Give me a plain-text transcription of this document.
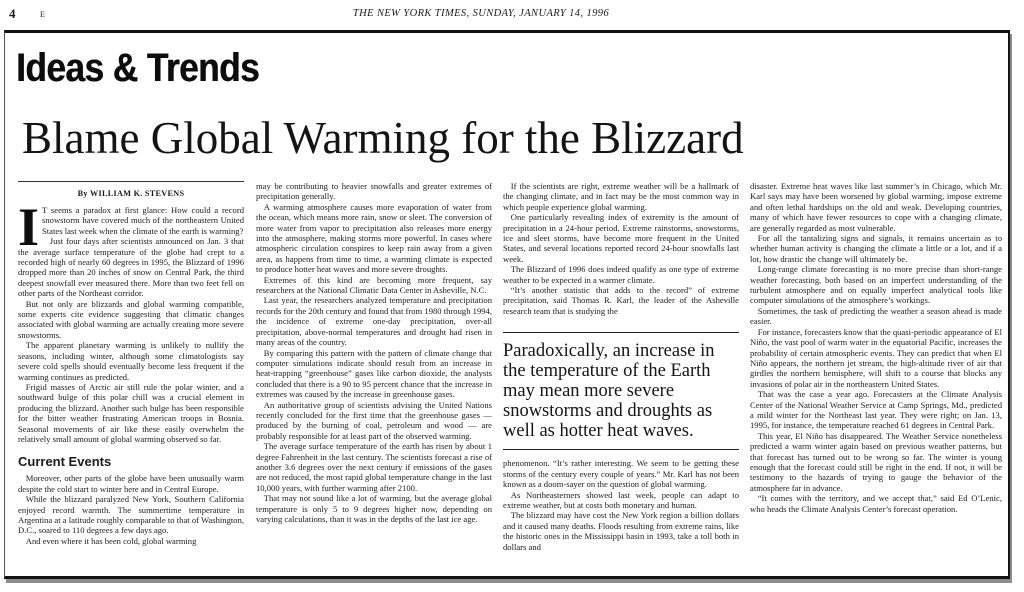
4	E	THE NEW YORK TIMES, SUNDAY, JANUARY 14, 1996
Ideas & Trends
Blame Global Warming for the Blizzard
By WILLIAM K. STEVENS

I T seems a paradox at first glance: How could a record snowstorm have covered much of the northeastern United States last week when the climate of the earth is warming?

Just four days after scientists announced on Jan. 3 that the average surface temperature of the globe had crept to a recorded high of nearly 60 degrees in 1995, the Blizzard of 1996 dropped more than 20 inches of snow on Central Park, the third deepest snowfall ever measured there. More than two feet fell on other parts of the Northeast corridor.

But not only are blizzards and global warming compatible, some experts cite evidence suggesting that climatic changes associated with global warming are actually creating more severe snowstorms.

The apparent planetary warming is unlikely to nullify the seasons, including winter, although some climatologists say severe cold spells should eventually become less frequent if the warming continues as predicted.

Frigid masses of Arctic air still rule the polar winter, and a southward bulge of this polar chill was a crucial element in producing the blizzard. Another such bulge has been responsible for the bitter weather frustrating American troops in Bosnia. Seasonal movements of air like these easily overwhelm the relatively small amount of global warming observed so far.

Current Events

Moreover, other parts of the globe have been unusually warm despite the cold start to winter here and in Central Europe.

While the blizzard paralyzed New York, Southern California enjoyed record warmth. The summertime temperature in Argentina at a latitude roughly comparable to that of Washington, D.C., soared to 110 degrees a few days ago.

And even where it has been cold, global warming

may be contributing to heavier snowfalls and greater extremes of precipitation generally.

A warming atmosphere causes more evaporation of water from the ocean, which means more rain, snow or sleet. The conversion of more water from vapor to precipitation also releases more energy into the atmosphere, making storms more powerful. In cases where atmospheric circulation conspires to keep rain away from a given area, as happens from time to time, a warming climate is expected to produce hotter heat waves and more severe droughts.

Extremes of this kind are becoming more frequent, say researchers at the National Climatic Data Center in Asheville, N.C.

Last year, the researchers analyzed temperature and precipitation records for the 20th century and found that from 1980 through 1994, the incidence of extreme one-day precipitation, over-all precipitation, above-normal temperatures and drought had risen in many areas of the country.

By comparing this pattern with the pattern of climate change that computer simulations indicate should result from an increase in heat-trapping “greenhouse” gases like carbon dioxide, the analysts concluded that there is a 90 to 95 percent chance that the increase in extremes was caused by the increase in greenhouse gases.

An authoritative group of scientists advising the United Nations recently concluded for the first time that the greenhouse gases — produced by the burning of coal, petroleum and wood — are probably responsible for at least part of the observed warming.

The average surface temperature of the earth has risen by about 1 degree Fahrenheit in the last century. The scientists forecast a rise of another 3.6 degrees over the next century if emissions of the gases are not reduced, the most rapid global temperature change in the last 10,000 years, with further warming after 2100.

That may not sound like a lot of warming, but the average global temperature is only 5 to 9 degrees higher now, depending on varying calculations, than it was in the depths of the last ice age.

If the scientists are right, extreme weather will be a hallmark of the changing climate, and in fact may be the most common way in which people experience global warming.

One particularly revealing index of extremity is the amount of precipitation in a 24-hour period. Extreme rainstorms, snowstorms, ice and sleet storms, have become more frequent in the United States, and several locations reported record 24-hour snowfalls last week.

The Blizzard of 1996 does indeed qualify as one type of extreme weather to be expected in a warmer climate.

“It’s another statistic that adds to the record” of extreme precipitation, said Thomas R. Karl, the leader of the Asheville research team that is studying the

Paradoxically, an increase in the temperature of the Earth may mean more severe snowstorms and droughts as well as hotter heat waves.

phenomenon. “It’s rather interesting. We seem to be getting these storms of the century every couple of years.” Mr. Karl has not been known as a doom-sayer on the question of global warming.

As Northeasterners showed last week, people can adapt to extreme weather, but at costs both monetary and human.

The blizzard may have cost the New York region a billion dollars and it caused many deaths. Floods resulting from extreme rains, like the historic ones in the Mississippi basin in 1993, take a toll both in dollars and

disaster. Extreme heat waves like last summer’s in Chicago, which Mr. Karl says may have been worsened by global warming, impose extreme and often lethal hardships on the old and weak. Developing countries, many of which have fewer resources to cope with a changing climate, are generally regarded as most vulnerable.

For all the tantalizing signs and signals, it remains uncertain as to whether human activity is changing the climate a little or a lot, and if a lot, how drastic the change will ultimately be.

Long-range climate forecasting is no more precise than short-range weather forecasting, both based on an imperfect understanding of the turbulent atmosphere and on equally imperfect analytical tools like computer simulations of the atmosphere’s workings.

Sometimes, the task of predicting the weather a season ahead is made easier.

For instance, forecasters know that the quasi-periodic appearance of El Niño, the vast pool of warm water in the equatorial Pacific, increases the probability of certain atmospheric events. They can predict that when El Niño appears, the northern jet stream, the high-altitude river of air that girdles the northern hemisphere, will shift to a course that blocks any invasions of polar air in the northeastern United States.

That was the case a year ago. Forecasters at the Climate Analysis Center of the National Weather Service at Camp Springs, Md., predicted a mild winter for the Northeast last year. They were right; on Jan. 13, 1995, for instance, the temperature reached 61 degrees in Central Park.

This year, El Niño has disappeared. The Weather Service nonetheless predicted a warm winter again based on previous weather patterns, but that forecast has turned out to be wrong so far. The winter is young enough that the forecast could still be right in the end. If not, it will be testimony to the hazards of trying to gauge the behavior of the atmosphere far in advance.

“It comes with the territory, and we accept that,” said Ed O’Lenic, who heads the Climate Analysis Center’s forecast operation.
